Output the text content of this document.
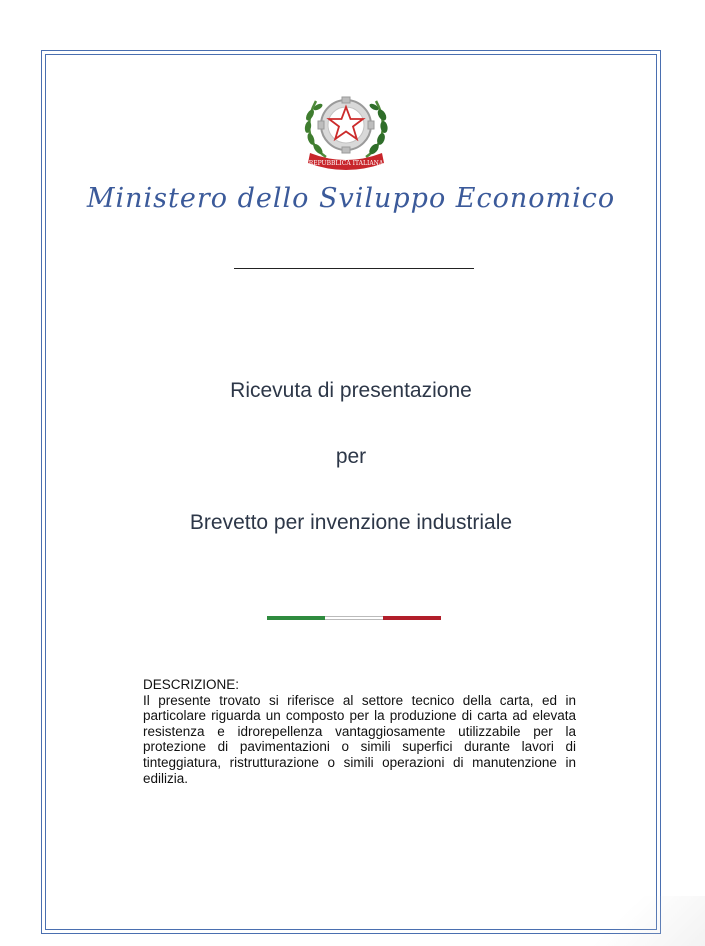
REPUBBLICA ITALIANA
Ministero dello Sviluppo Economico
Ricevuta di presentazione
per
Brevetto per invenzione industriale
DESCRIZIONE:
Il presente trovato si riferisce al settore tecnico della carta, ed in particolare riguarda un composto per la produzione di carta ad elevata resistenza e idrorepellenza vantaggiosamente utilizzabile per la protezione di pavimentazioni o simili superfici durante lavori di tinteggiatura, ristrutturazione o simili operazioni di manutenzione in edilizia.
